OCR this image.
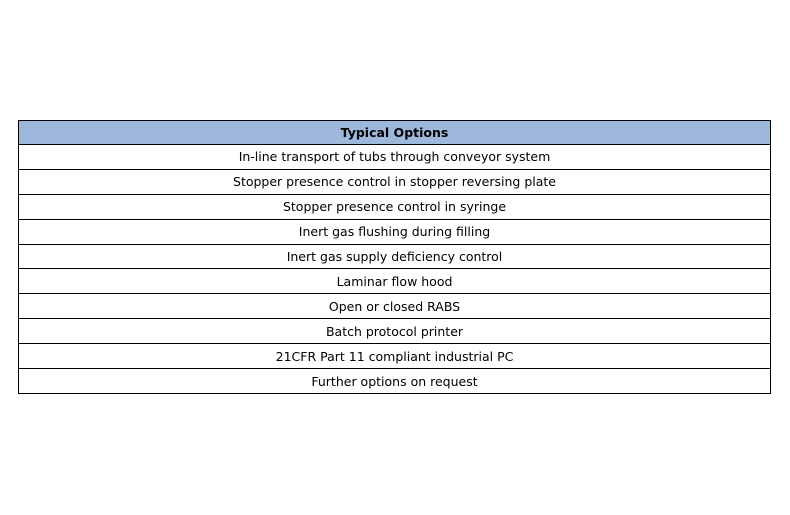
Typical Options
In-line transport of tubs through conveyor system
Stopper presence control in stopper reversing plate
Stopper presence control in syringe
Inert gas flushing during filling
Inert gas supply deficiency control
Laminar flow hood
Open or closed RABS
Batch protocol printer
21CFR Part 11 compliant industrial PC
Further options on request
